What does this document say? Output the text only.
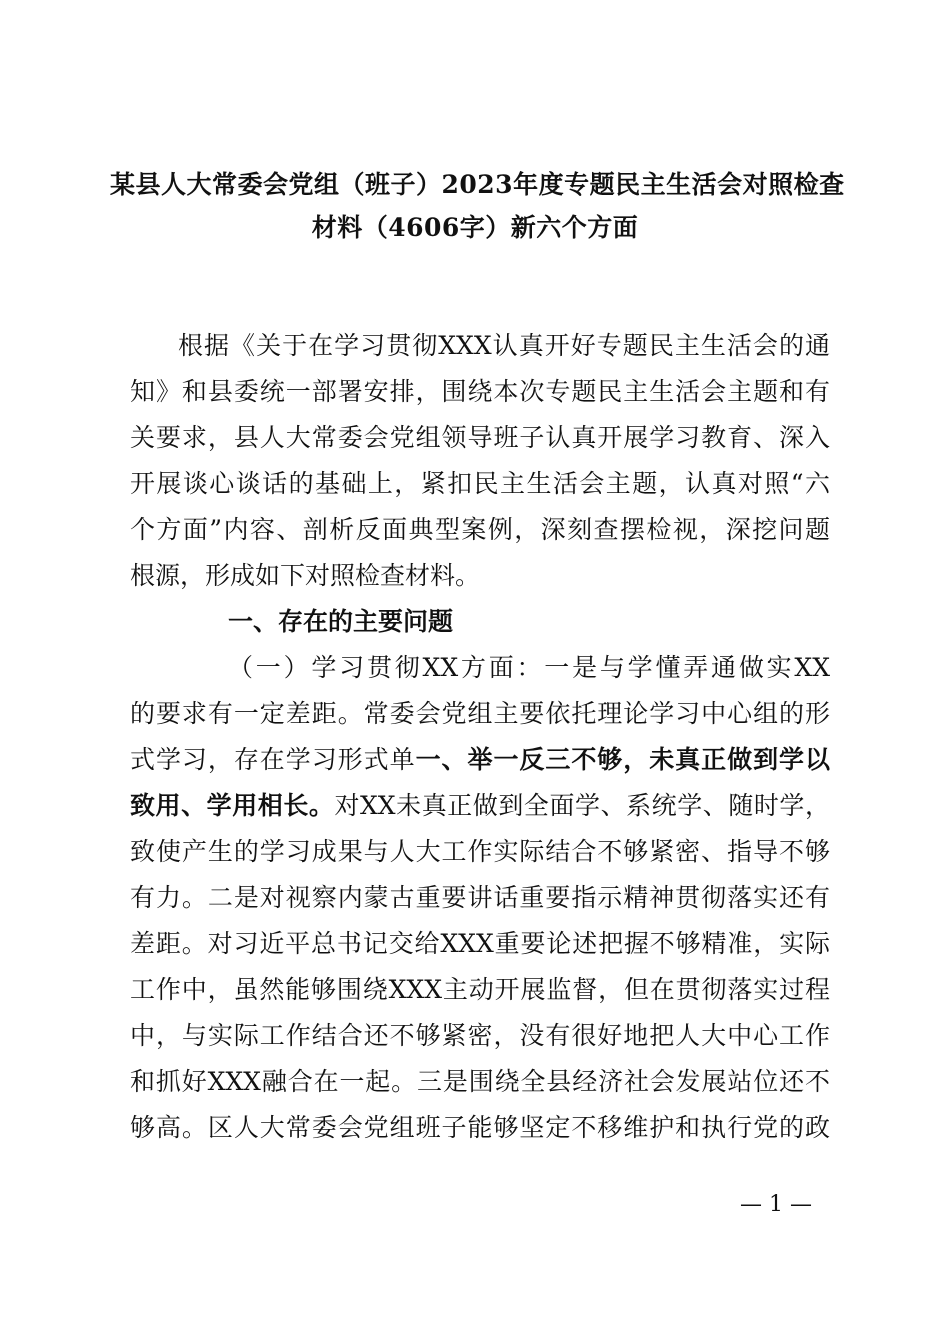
某县人大常委会党组（班子）2023年度专题民主生活会对照检查
材料（4606字）新六个方面
根据《关于在学习贯彻XXX认真开好专题民主生活会的通
知》和县委统一部署安排，围绕本次专题民主生活会主题和有
关要求，县人大常委会党组领导班子认真开展学习教育、深入
开展谈心谈话的基础上，紧扣民主生活会主题，认真对照“六
个方面”内容、剖析反面典型案例，深刻查摆检视，深挖问题
根源，形成如下对照检查材料。
一、存在的主要问题
（一）学习贯彻XX方面：一是与学懂弄通做实XX
的要求有一定差距。常委会党组主要依托理论学习中心组的形
式学习，存在学习形式单一、举一反三不够，未真正做到学以
致用、学用相长。对XX未真正做到全面学、系统学、随时学，
致使产生的学习成果与人大工作实际结合不够紧密、指导不够
有力。二是对视察内蒙古重要讲话重要指示精神贯彻落实还有
差距。对习近平总书记交给XXX重要论述把握不够精准，实际
工作中，虽然能够围绕XXX主动开展监督，但在贯彻落实过程
中，与实际工作结合还不够紧密，没有很好地把人大中心工作
和抓好XXX融合在一起。三是围绕全县经济社会发展站位还不
够高。区人大常委会党组班子能够坚定不移维护和执行党的政
— 1 —
